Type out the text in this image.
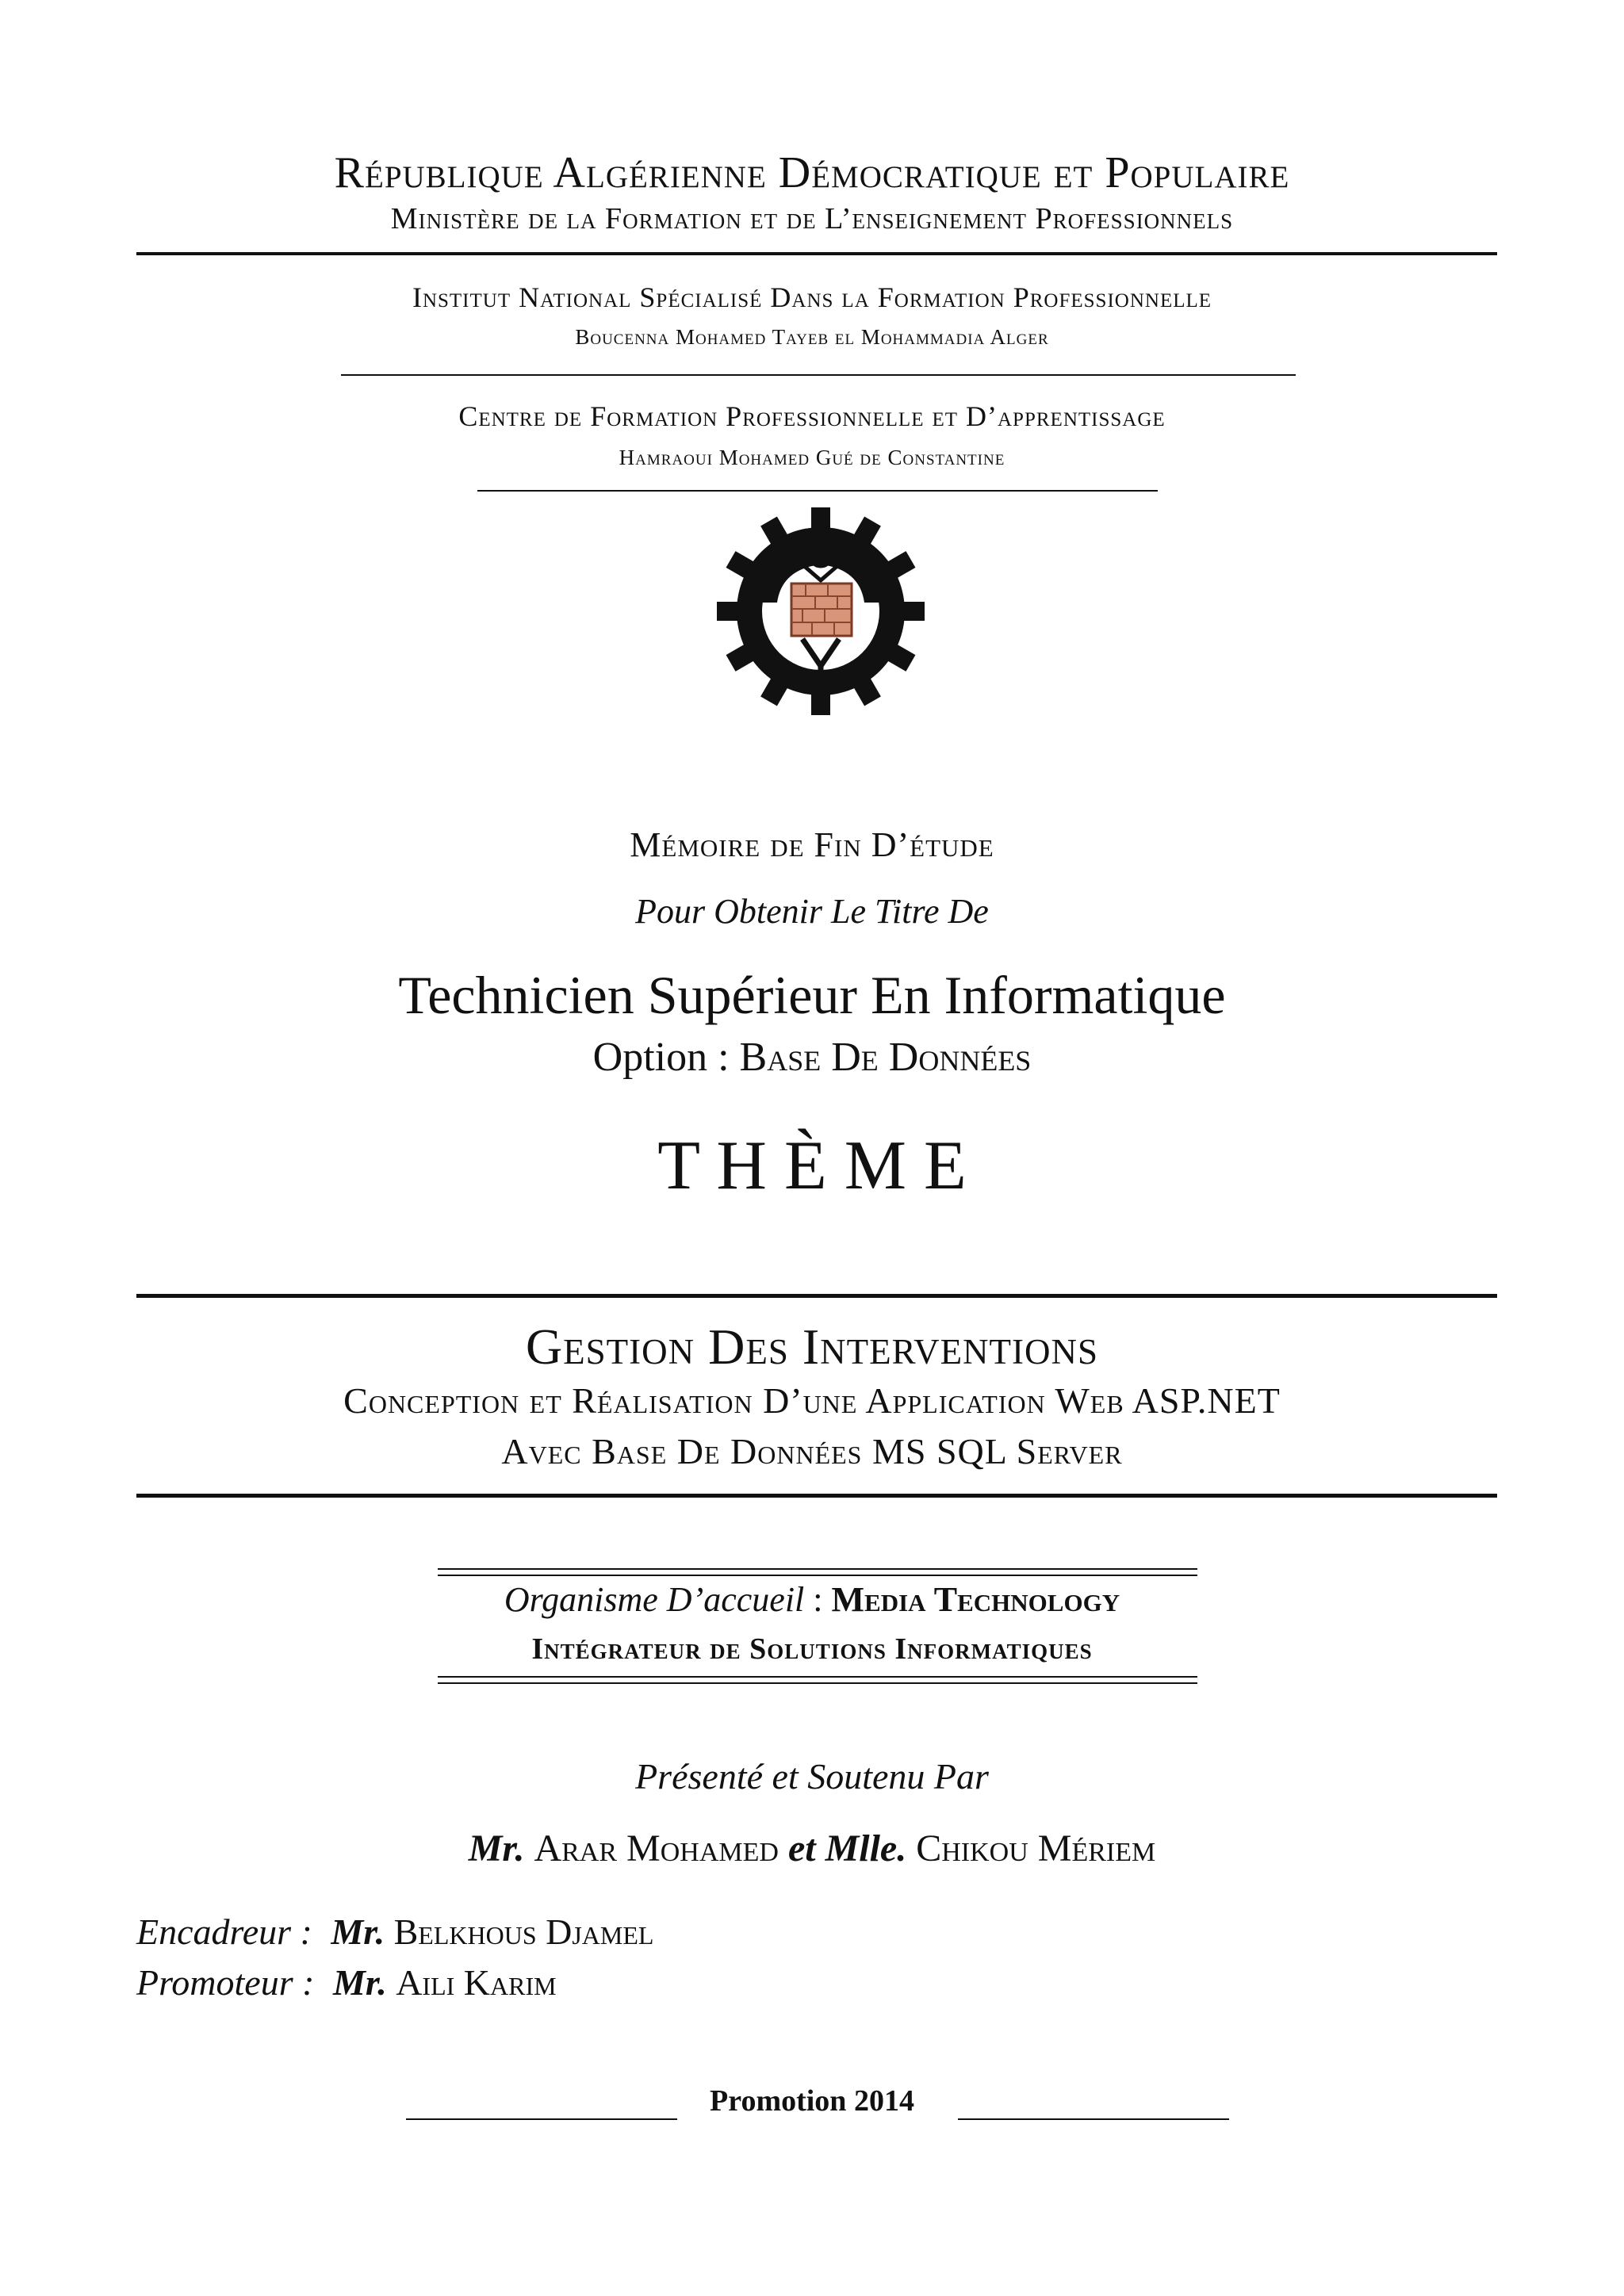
République Algérienne Démocratique et Populaire
Ministère de la Formation et de L’enseignement Professionnels
Institut National Spécialisé Dans la Formation Professionnelle
Boucenna Mohamed Tayeb el Mohammadia Alger
Centre de Formation Professionnelle et D’apprentissage
Hamraoui Mohamed Gué de Constantine
Mémoire de Fin D’étude
Pour Obtenir Le Titre De
Technicien Supérieur En Informatique
Option : Base De Données
T H È M E
Gestion Des Interventions
Conception et Réalisation D’une Application Web ASP.NET
Avec Base De Données MS SQL Server
Organisme D’accueil : Media Technology
Intégrateur de Solutions Informatiques
Présenté et Soutenu Par
Mr. Arar Mohamed et Mlle. Chikou Mériem
Encadreur : Mr. Belkhous Djamel
Promoteur : Mr. Aili Karim
Promotion 2014
